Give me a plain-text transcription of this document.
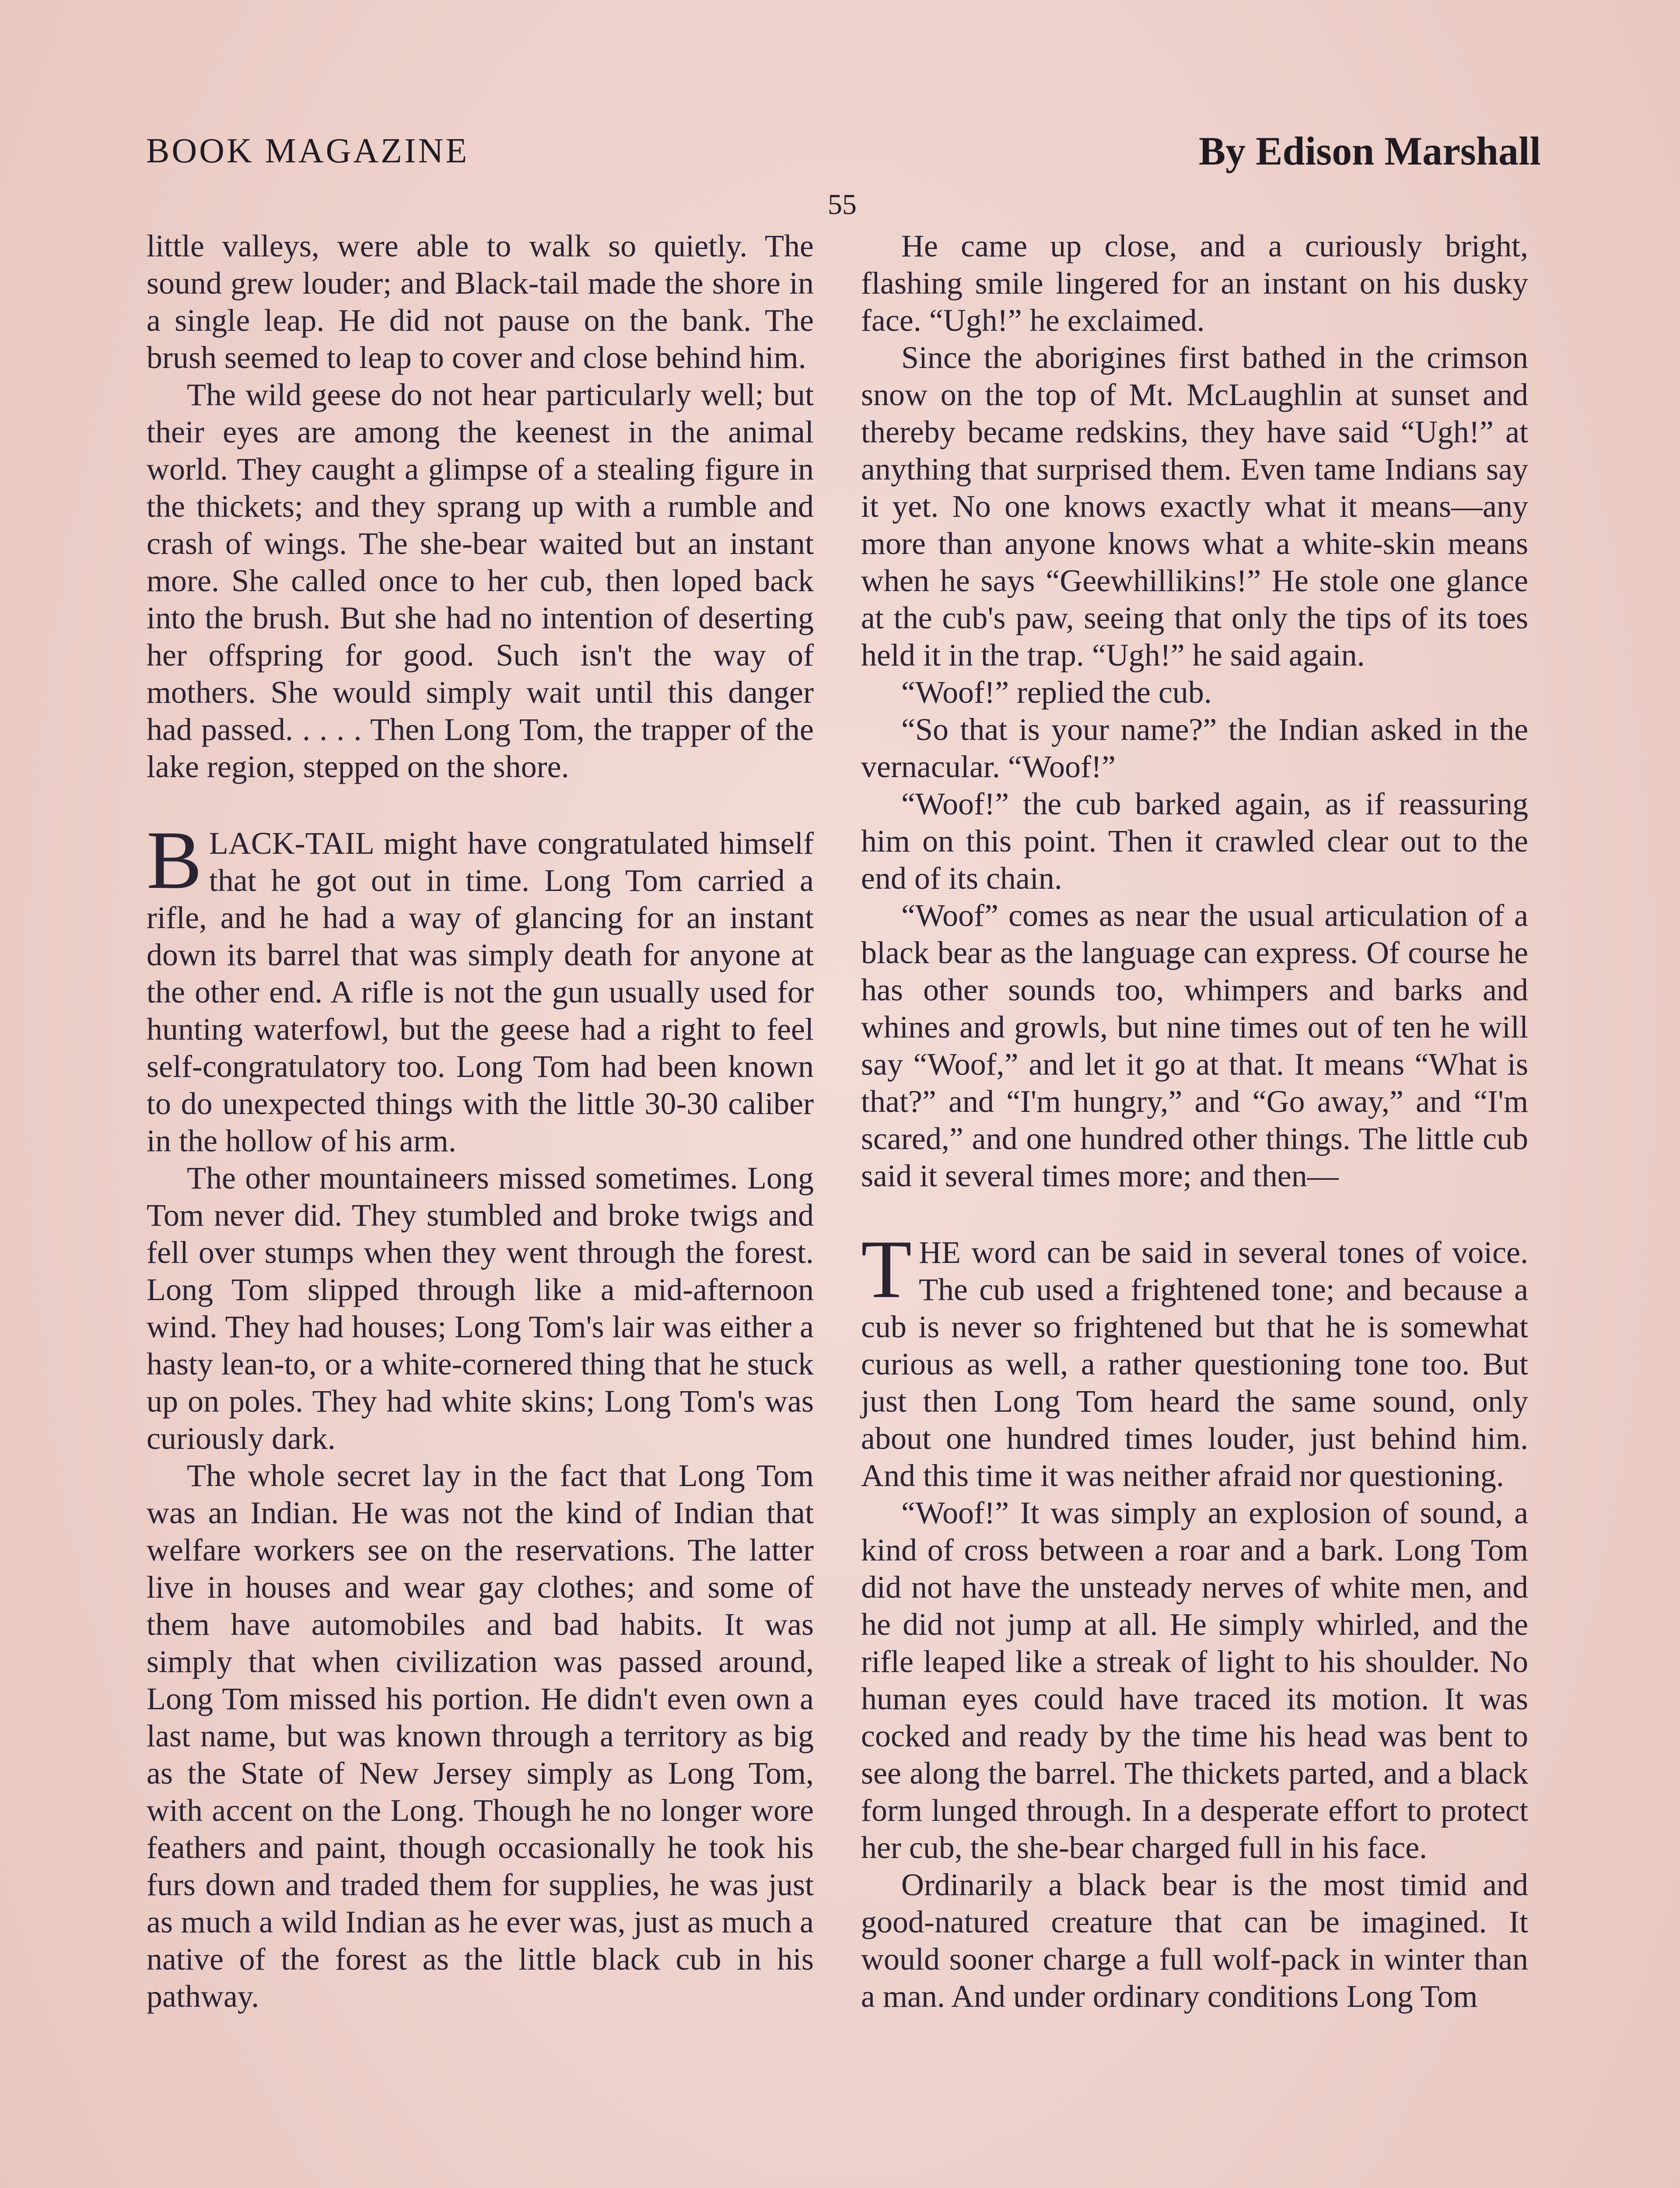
BOOK MAGAZINE	By Edison Marshall
55

little valleys, were able to walk so quietly. The sound grew louder; and Black-tail made the shore in a single leap. He did not pause on the bank. The brush seemed to leap to cover and close behind him.

The wild geese do not hear particularly well; but their eyes are among the keenest in the animal world. They caught a glimpse of a stealing figure in the thickets; and they sprang up with a rumble and crash of wings. The she-bear waited but an instant more. She called once to her cub, then loped back into the brush. But she had no intention of deserting her offspring for good. Such isn't the way of mothers. She would simply wait until this danger had passed. . . . . Then Long Tom, the trapper of the lake region, stepped on the shore.

BLACK-TAIL might have congratulated himself that he got out in time. Long Tom carried a rifle, and he had a way of glancing for an instant down its barrel that was simply death for anyone at the other end. A rifle is not the gun usually used for hunting waterfowl, but the geese had a right to feel self-congratulatory too. Long Tom had been known to do unexpected things with the little 30-30 caliber in the hollow of his arm.

The other mountaineers missed sometimes. Long Tom never did. They stumbled and broke twigs and fell over stumps when they went through the forest. Long Tom slipped through like a mid-afternoon wind. They had houses; Long Tom's lair was either a hasty lean-to, or a white-cornered thing that he stuck up on poles. They had white skins; Long Tom's was curiously dark.

The whole secret lay in the fact that Long Tom was an Indian. He was not the kind of Indian that welfare workers see on the reservations. The latter live in houses and wear gay clothes; and some of them have automobiles and bad habits. It was simply that when civilization was passed around, Long Tom missed his portion. He didn't even own a last name, but was known through a territory as big as the State of New Jersey simply as Long Tom, with accent on the Long. Though he no longer wore feathers and paint, though occasionally he took his furs down and traded them for supplies, he was just as much a wild Indian as he ever was, just as much a native of the forest as the little black cub in his pathway.

He came up close, and a curiously bright, flashing smile lingered for an instant on his dusky face. “Ugh!” he exclaimed.

Since the aborigines first bathed in the crimson snow on the top of Mt. McLaughlin at sunset and thereby became redskins, they have said “Ugh!” at anything that surprised them. Even tame Indians say it yet. No one knows exactly what it means—any more than anyone knows what a white-skin means when he says “Geewhillikins!” He stole one glance at the cub's paw, seeing that only the tips of its toes held it in the trap. “Ugh!” he said again.

“Woof!” replied the cub.

“So that is your name?” the Indian asked in the vernacular. “Woof!”

“Woof!” the cub barked again, as if reassuring him on this point. Then it crawled clear out to the end of its chain.

“Woof” comes as near the usual articulation of a black bear as the language can express. Of course he has other sounds too, whimpers and barks and whines and growls, but nine times out of ten he will say “Woof,” and let it go at that. It means “What is that?” and “I'm hungry,” and “Go away,” and “I'm scared,” and one hundred other things. The little cub said it several times more; and then—

THE word can be said in several tones of voice. The cub used a frightened tone; and because a cub is never so frightened but that he is somewhat curious as well, a rather questioning tone too. But just then Long Tom heard the same sound, only about one hundred times louder, just behind him. And this time it was neither afraid nor questioning.

“Woof!” It was simply an explosion of sound, a kind of cross between a roar and a bark. Long Tom did not have the unsteady nerves of white men, and he did not jump at all. He simply whirled, and the rifle leaped like a streak of light to his shoulder. No human eyes could have traced its motion. It was cocked and ready by the time his head was bent to see along the barrel. The thickets parted, and a black form lunged through. In a desperate effort to protect her cub, the she-bear charged full in his face.

Ordinarily a black bear is the most timid and good-natured creature that can be imagined. It would sooner charge a full wolf-pack in winter than a man. And under ordinary conditions Long Tom
